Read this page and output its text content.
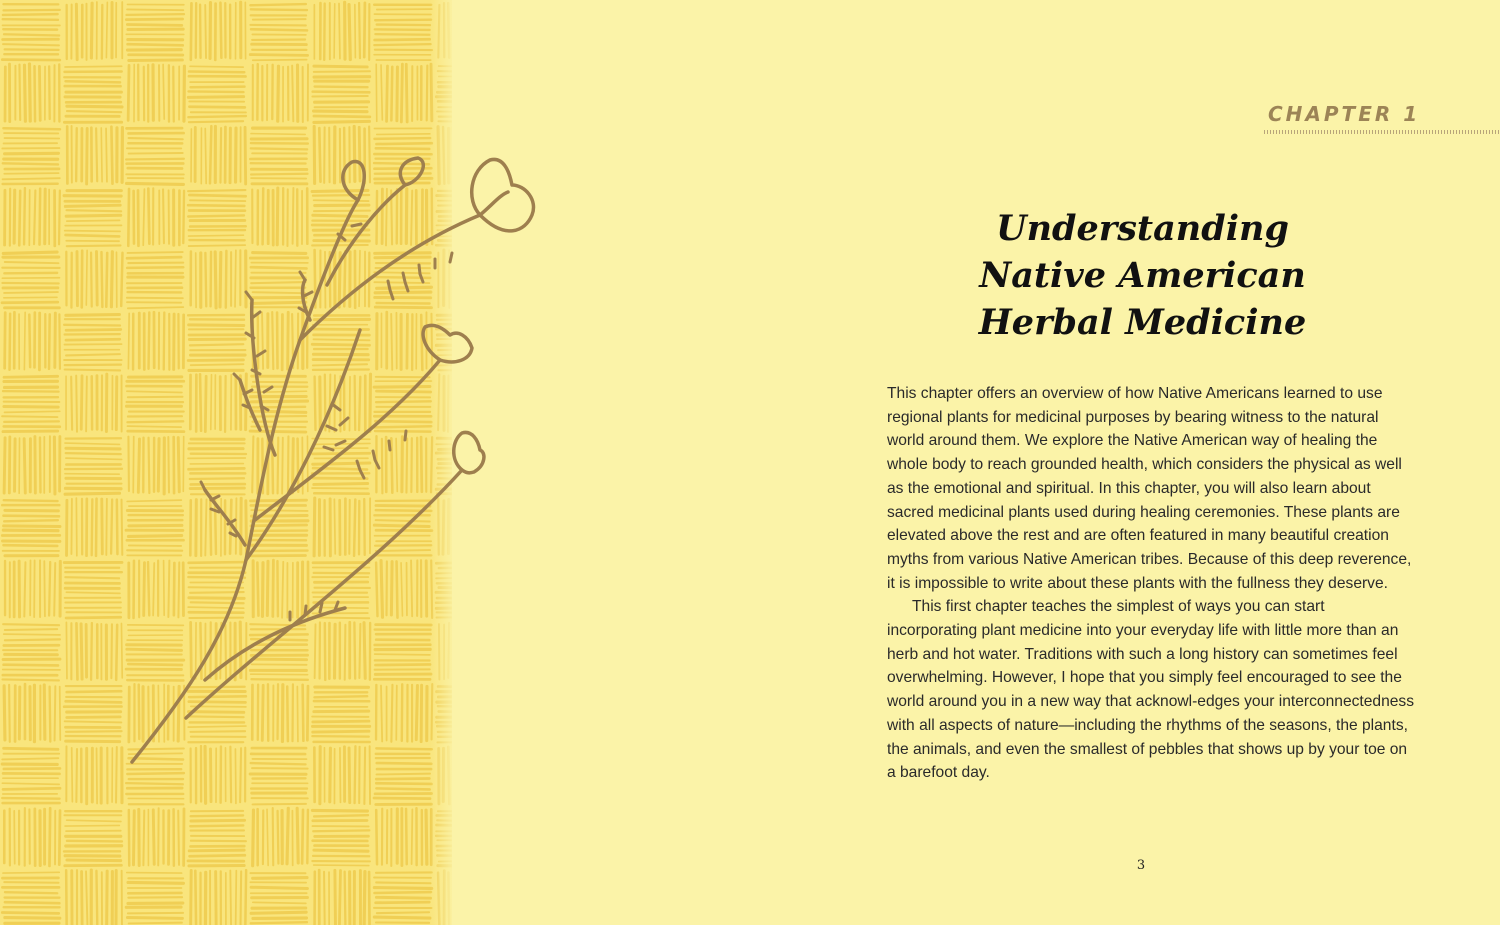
CHAPTER 1
Understanding
Native American
Herbal Medicine

This chapter offers an overview of how Native Americans learned to use regional plants for medicinal purposes by bearing witness to the natural world around them. We explore the Native American way of healing the whole body to reach grounded health, which considers the physical as well as the emotional and spiritual. In this chapter, you will also learn about sacred medicinal plants used during healing ceremonies. These plants are elevated above the rest and are often featured in many beautiful creation myths from various Native American tribes. Because of this deep reverence, it is impossible to write about these plants with the fullness they deserve.

This first chapter teaches the simplest of ways you can start incorporating plant medicine into your everyday life with little more than an herb and hot water. Traditions with such a long history can sometimes feel overwhelming. However, I hope that you simply feel encouraged to see the world around you in a new way that acknowl-edges your interconnectedness with all aspects of nature—including the rhythms of the seasons, the plants, the animals, and even the smallest of pebbles that shows up by your toe on a barefoot day.

3
